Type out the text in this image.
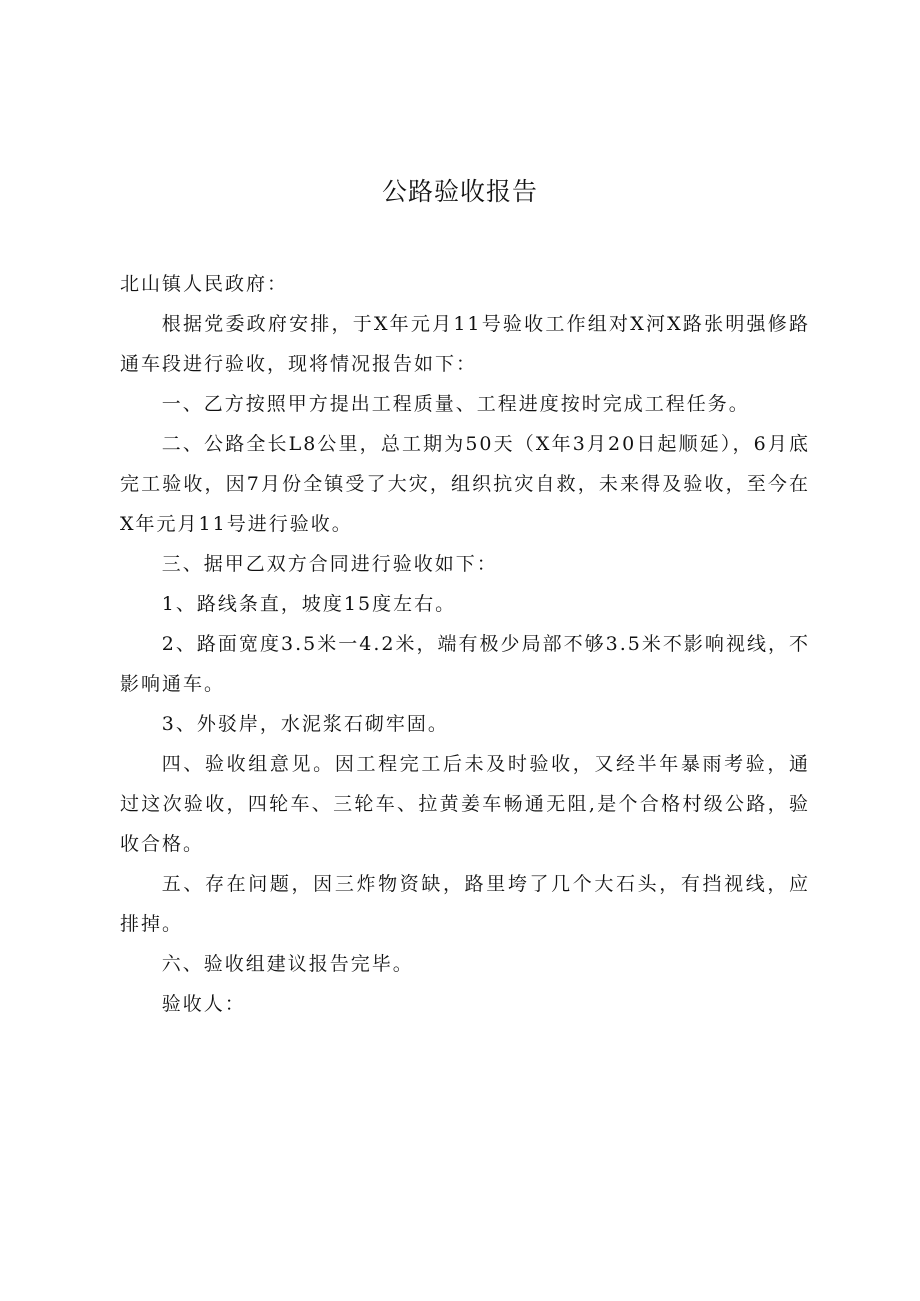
公路验收报告

北山镇人民政府：

根据党委政府安排，于X年元月11号验收工作组对X河X路张明强修路通车段进行验收，现将情况报告如下：

一、乙方按照甲方提出工程质量、工程进度按时完成工程任务。

二、公路全长L8公里，总工期为50天（X年3月20日起顺延），6月底完工验收，因7月份全镇受了大灾，组织抗灾自救，未来得及验收，至今在X年元月11号进行验收。

三、据甲乙双方合同进行验收如下：

1、路线条直，坡度15度左右。

2、路面宽度3.5米一4.2米，端有极少局部不够3.5米不影响视线，不影响通车。

3、外驳岸，水泥浆石砌牢固。

四、验收组意见。因工程完工后未及时验收，又经半年暴雨考验，通过这次验收，四轮车、三轮车、拉黄姜车畅通无阻,是个合格村级公路，验收合格。

五、存在问题，因三炸物资缺，路里垮了几个大石头，有挡视线，应排掉。

六、验收组建议报告完毕。

验收人：
